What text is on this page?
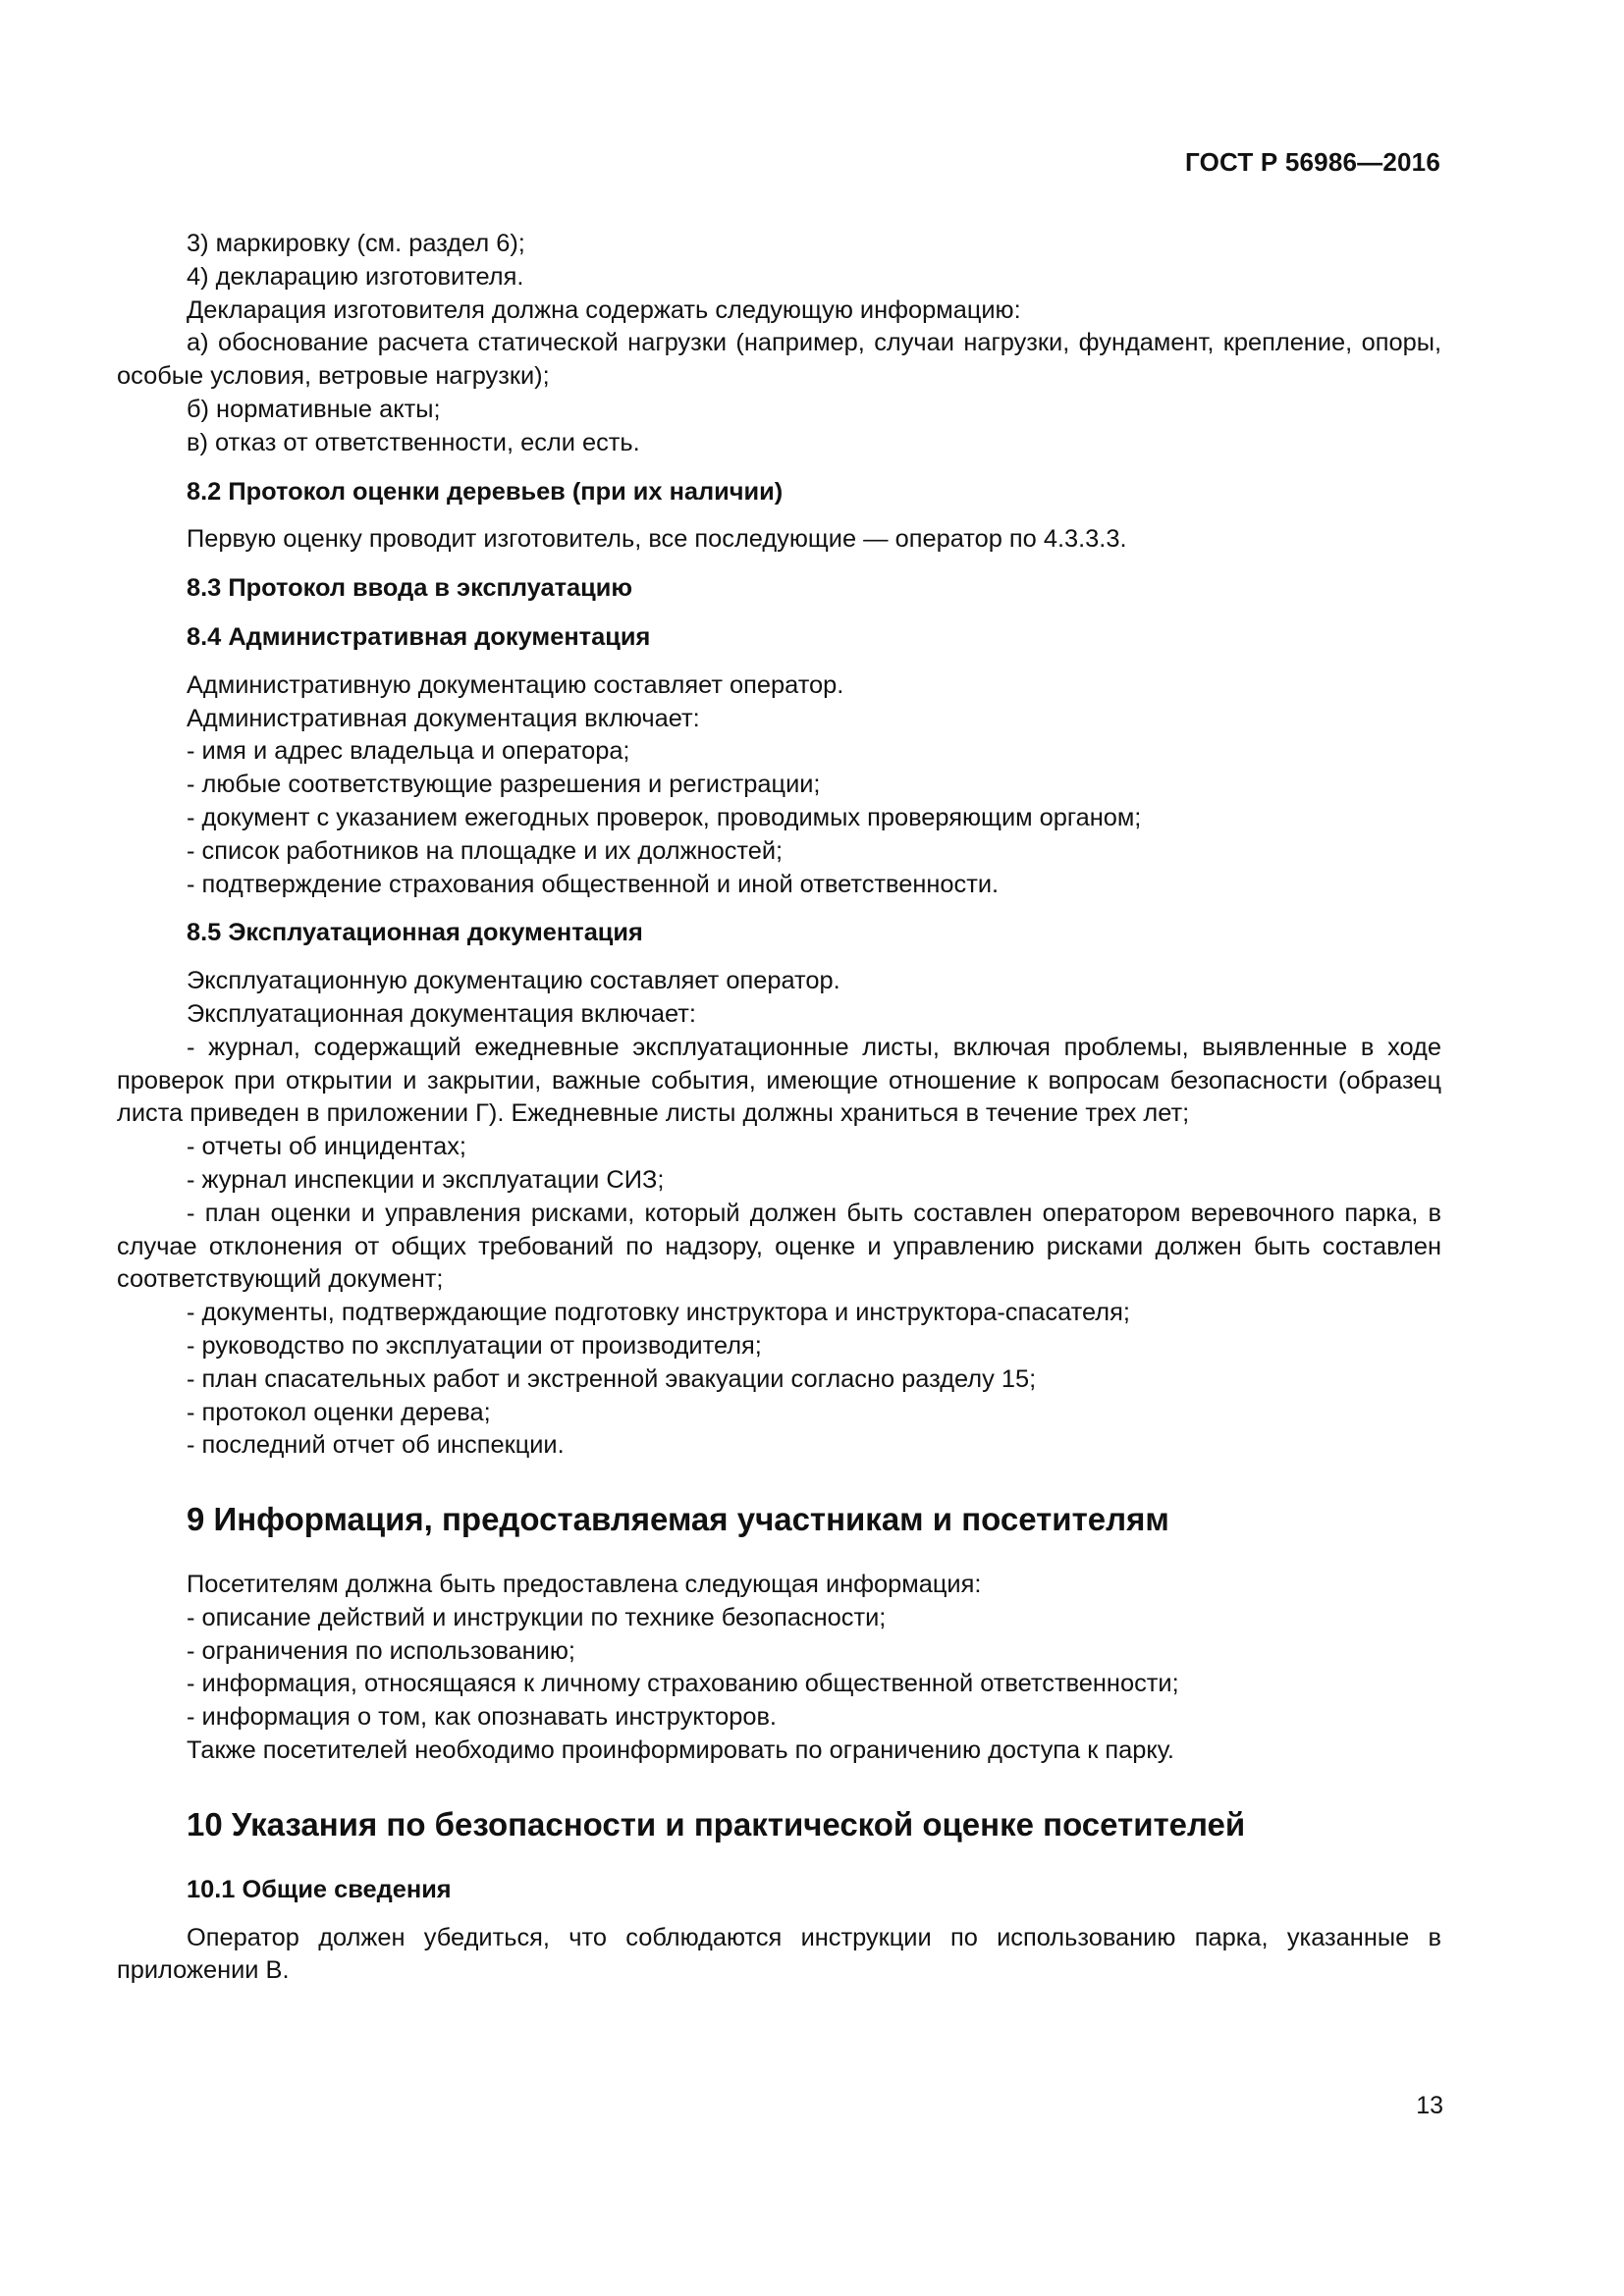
ГОСТ Р 56986—2016

3) маркировку (см. раздел 6);

4) декларацию изготовителя.

Декларация изготовителя должна содержать следующую информацию:

а) обоснование расчета статической нагрузки (например, случаи нагрузки, фундамент, крепление, опоры, особые условия, ветровые нагрузки);

б) нормативные акты;

в) отказ от ответственности, если есть.

8.2 Протокол оценки деревьев (при их наличии)

Первую оценку проводит изготовитель, все последующие — оператор по 4.3.3.3.

8.3 Протокол ввода в эксплуатацию
8.4 Административная документация

Административную документацию составляет оператор.

Административная документация включает:

- имя и адрес владельца и оператора;

- любые соответствующие разрешения и регистрации;

- документ с указанием ежегодных проверок, проводимых проверяющим органом;

- список работников на площадке и их должностей;

- подтверждение страхования общественной и иной ответственности.

8.5 Эксплуатационная документация

Эксплуатационную документацию составляет оператор.

Эксплуатационная документация включает:

- журнал, содержащий ежедневные эксплуатационные листы, включая проблемы, выявленные в ходе проверок при открытии и закрытии, важные события, имеющие отношение к вопросам безопасности (образец листа приведен в приложении Г). Ежедневные листы должны храниться в течение трех лет;

- отчеты об инцидентах;

- журнал инспекции и эксплуатации СИЗ;

- план оценки и управления рисками, который должен быть составлен оператором веревочного парка, в случае отклонения от общих требований по надзору, оценке и управлению рисками должен быть составлен соответствующий документ;

- документы, подтверждающие подготовку инструктора и инструктора-спасателя;

- руководство по эксплуатации от производителя;

- план спасательных работ и экстренной эвакуации согласно разделу 15;

- протокол оценки дерева;

- последний отчет об инспекции.

9 Информация, предоставляемая участникам и посетителям

Посетителям должна быть предоставлена следующая информация:

- описание действий и инструкции по технике безопасности;

- ограничения по использованию;

- информация, относящаяся к личному страхованию общественной ответственности;

- информация о том, как опознавать инструкторов.

Также посетителей необходимо проинформировать по ограничению доступа к парку.

10 Указания по безопасности и практической оценке посетителей
10.1 Общие сведения

Оператор должен убедиться, что соблюдаются инструкции по использованию парка, указанные в приложении В.

13
